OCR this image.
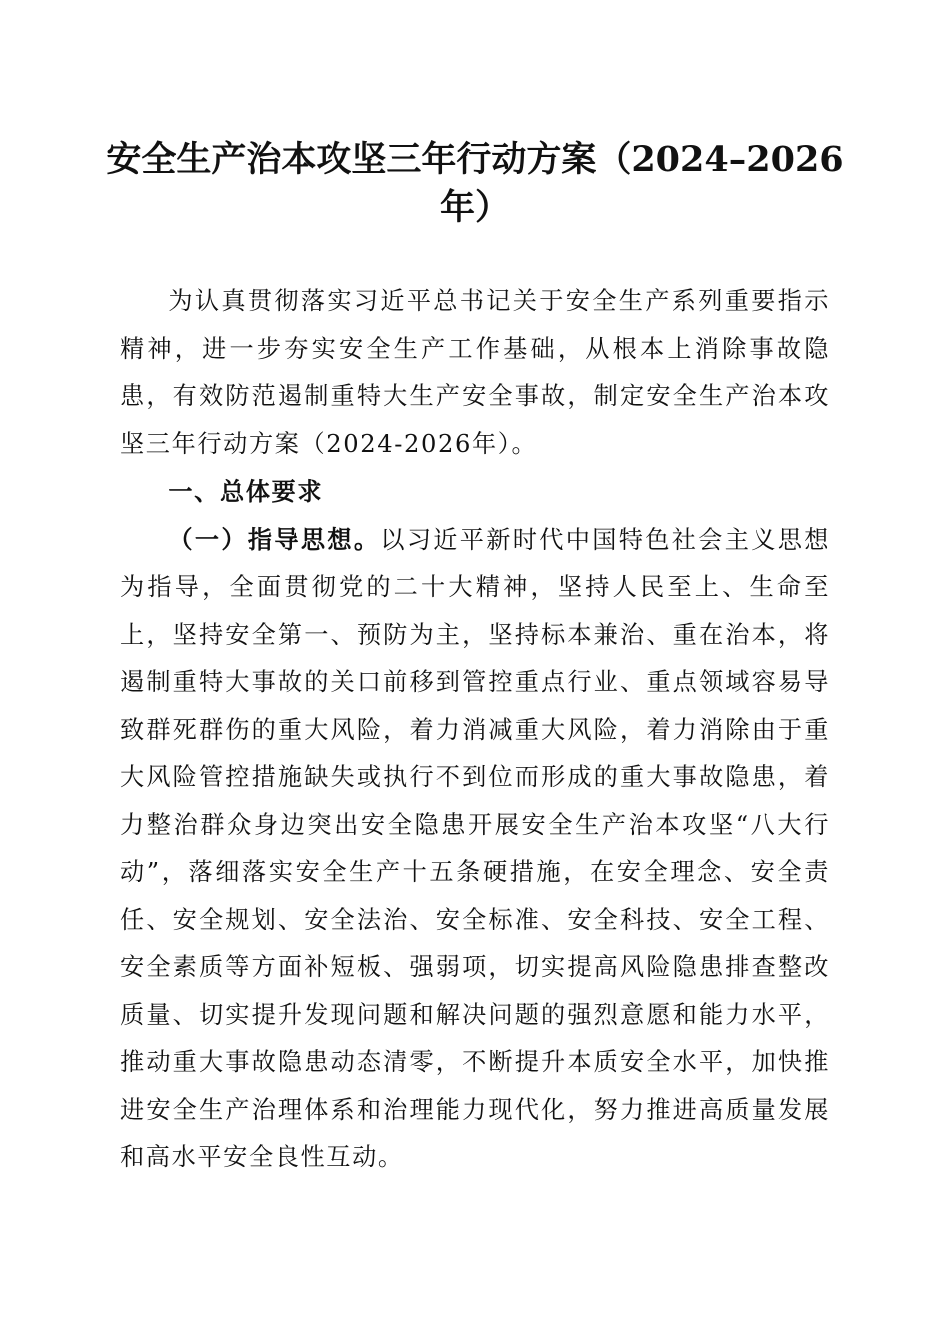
安全生产治本攻坚三年行动方案（2024–2026
年）

为认真贯彻落实习近平总书记关于安全生产系列重要指示精神，进一步夯实安全生产工作基础，从根本上消除事故隐患，有效防范遏制重特大生产安全事故，制定安全生产治本攻坚三年行动方案（2024-2026年）。

一、总体要求

（一）指导思想。以习近平新时代中国特色社会主义思想为指导，全面贯彻党的二十大精神，坚持人民至上、生命至上，坚持安全第一、预防为主，坚持标本兼治、重在治本，将遏制重特大事故的关口前移到管控重点行业、重点领域容易导致群死群伤的重大风险，着力消减重大风险，着力消除由于重大风险管控措施缺失或执行不到位而形成的重大事故隐患，着力整治群众身边突出安全隐患开展安全生产治本攻坚“八大行动”，落细落实安全生产十五条硬措施，在安全理念、安全责任、安全规划、安全法治、安全标准、安全科技、安全工程、安全素质等方面补短板、强弱项，切实提高风险隐患排查整改质量、切实提升发现问题和解决问题的强烈意愿和能力水平，推动重大事故隐患动态清零，不断提升本质安全水平，加快推进安全生产治理体系和治理能力现代化，努力推进高质量发展和高水平安全良性互动。
